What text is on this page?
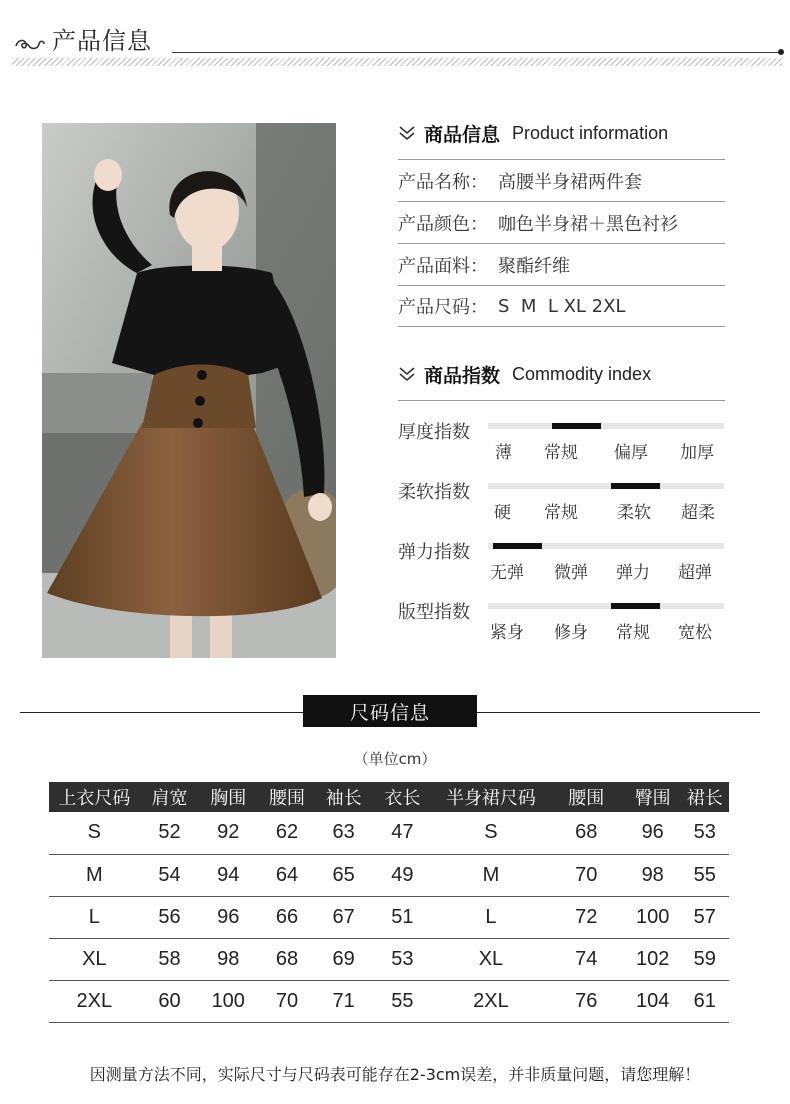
产品信息
商品信息 Product information
产品名称： 高腰半身裙两件套
产品颜色： 咖色半身裙＋黑色衬衫
产品面料： 聚酯纤维
产品尺码： S  M  L XL 2XL
商品指数 Commodity index
厚度指数
薄 常规 偏厚 加厚
柔软指数
硬 常规 柔软 超柔
弹力指数
无弹 微弹 弹力 超弹
版型指数
紧身 修身 常规 宽松
尺码信息
（单位cm）
上衣尺码	肩宽	胸围	腰围	袖长	衣长	半身裙尺码	腰围	臀围	裙长
S	52	92	62	63	47	S	68	96	53
M	54	94	64	65	49	M	70	98	55
L	56	96	66	67	51	L	72	100	57
XL	58	98	68	69	53	XL	74	102	59
2XL	60	100	70	71	55	2XL	76	104	61
因测量方法不同，实际尺寸与尺码表可能存在2-3cm误差，并非质量问题，请您理解！
